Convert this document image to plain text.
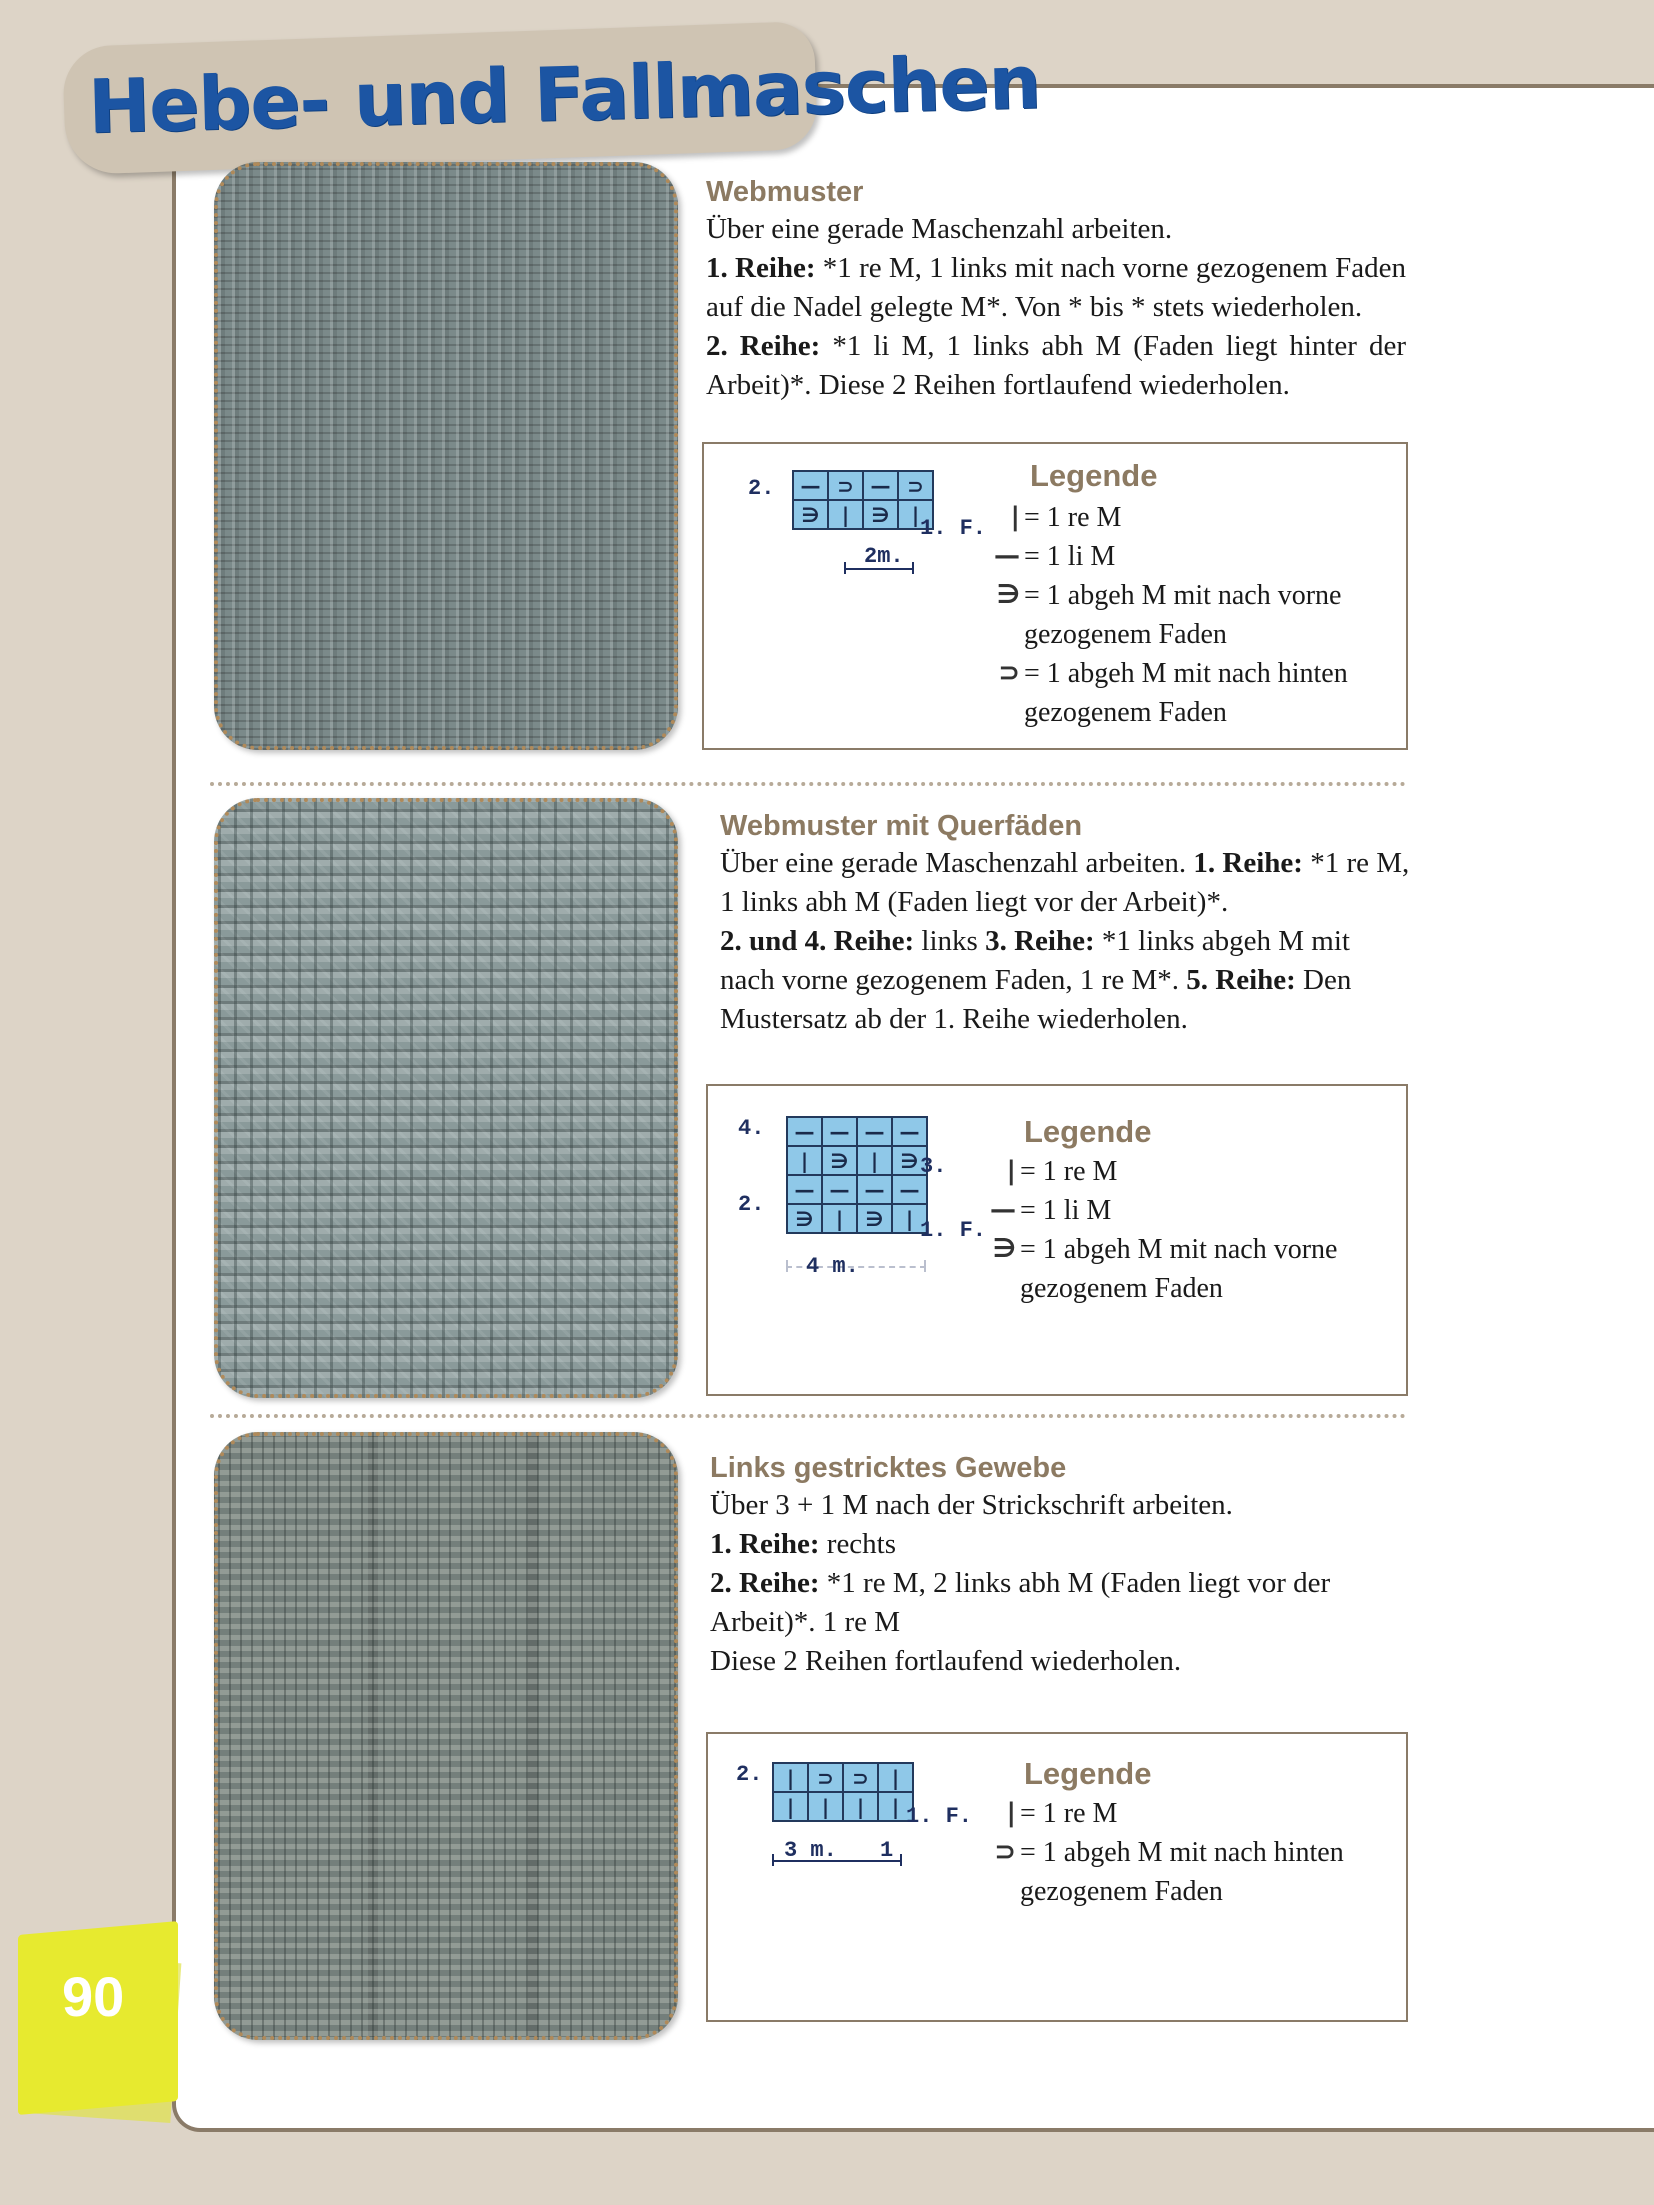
Hebe- und Fallmaschen
90
Webmuster
Über eine gerade Maschenzahl arbeiten.
1. Reihe: *1 re M, 1 links mit nach vorne gezogenem Faden auf die Nadel gelegte M*. Von * bis * stets wiederholen.
2. Reihe: *1 li M, 1 links abh M (Faden liegt hinter der Arbeit)*. Diese 2 Reihen fortlaufend wiederholen.
2. —	⊃	—	⊃
∋	|	∋	|
1. F.
2m.
Legende
| = 1 re M
— = 1 li M
∋ = 1 abgeh M mit nach vorne
gezogenem Faden
⊃ = 1 abgeh M mit nach hinten
gezogenem Faden
Webmuster mit Querfäden
Über eine gerade Maschenzahl arbeiten. 1. Reihe: *1 re M, 1 links abh M (Faden liegt vor der Arbeit)*.
2. und 4. Reihe: links 3. Reihe: *1 links abgeh M mit nach vorne gezogenem Faden, 1 re M*. 5. Reihe: Den Mustersatz ab der 1. Reihe wiederholen.
4.
2.
—	—	—	—
|	∋	|	∋
—	—	—	—
∋	|	∋	|
3.
1. F.
4 m.
Legende
| = 1 re M
— = 1 li M
∋ = 1 abgeh M mit nach vorne
gezogenem Faden
Links gestricktes Gewebe
Über 3 + 1 M nach der Strickschrift arbeiten.
1. Reihe: rechts
2. Reihe: *1 re M, 2 links abh M (Faden liegt vor der Arbeit)*. 1 re M
Diese 2 Reihen fortlaufend wiederholen.
2. |	⊃	⊃	|
|	|	|	| 1. F.
3 m. 1
Legende
| = 1 re M
⊃ = 1 abgeh M mit nach hinten
gezogenem Faden
